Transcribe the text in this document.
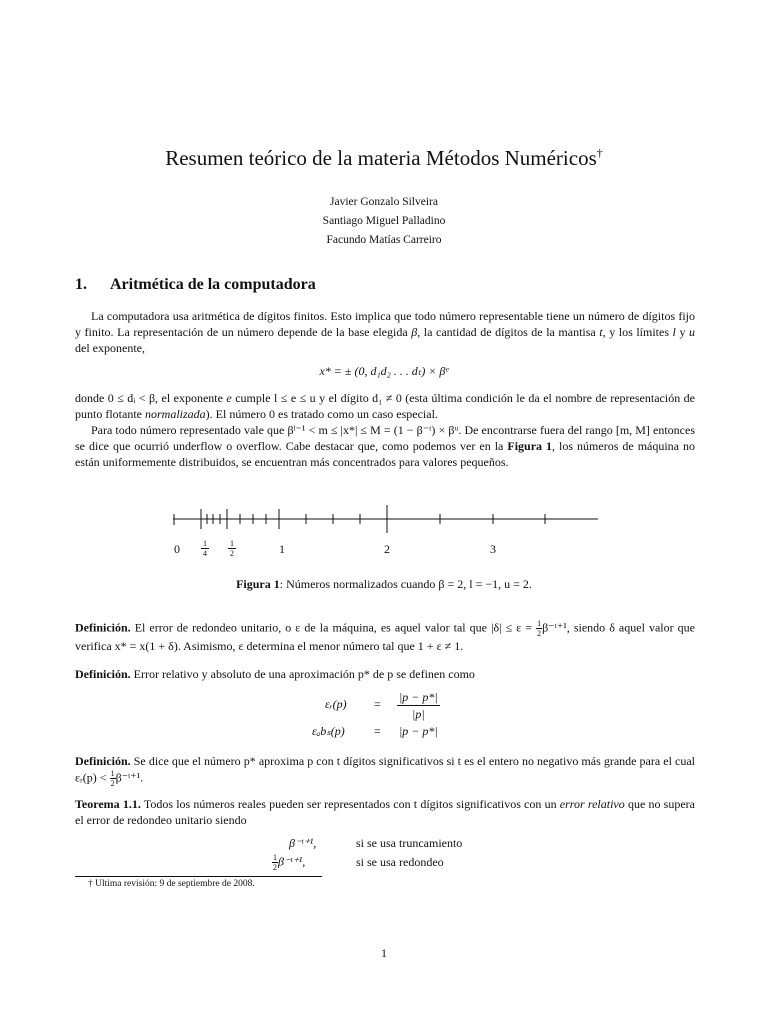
Resumen teórico de la materia Métodos Numéricos†
Javier Gonzalo Silveira
Santiago Miguel Palladino
Facundo Matías Carreiro
1. Aritmética de la computadora
La computadora usa aritmética de dígitos finitos. Esto implica que todo número representable tiene un número de dígitos fijo y finito. La representación de un número depende de la base elegida β, la cantidad de dígitos de la mantisa t, y los límites l y u del exponente,
x* = ± (0, d₁d₂ . . . dₜ) × βᵉ
donde 0 ≤ dᵢ < β, el exponente e cumple l ≤ e ≤ u y el dígito d₁ ≠ 0 (esta última condición le da el nombre de representación de punto flotante normalizada). El número 0 es tratado como un caso especial.
Para todo número representado vale que βˡ⁻¹ < m ≤ |x*| ≤ M = (1 − β⁻ᵗ) × βᵘ. De encontrarse fuera del rango [m, M] entonces se dice que ocurrió underflow o overflow. Cabe destacar que, como podemos ver en la Figura 1, los números de máquina no están uniformemente distribuidos, se encuentran más concentrados para valores pequeños.
0	$\frac{1}{4} \frac{1}{2}$	1	2	3
Figura 1: Números normalizados cuando β = 2, l = −1, u = 2.
Definición. El error de redondeo unitario, o ε de la máquina, es aquel valor tal que $|\delta| \le \varepsilon = \frac{1}{2}$ β⁻ᵗ⁺¹, siendo δ aquel valor que verifica x* = x(1 + δ). Asimismo, ε determina el menor número tal que 1 + ε ≠ 1.
Definición. Error relativo y absoluto de una aproximación p* de p se definen como
εᵣ(p) = $\frac{|p - p*|}{|p|}$
εₐbₛ(p) = |p − p*|
Definición. Se dice que el número p* aproxima p con t dígitos significativos si t es el entero no negativo más grande para el cual εᵣ(p) < $\frac{1}{2}$ β⁻ᵗ⁺¹.
Teorema 1.1. Todos los números reales pueden ser representados con t dígitos significativos con un error relativo que no supera el error de redondeo unitario siendo
β⁻ᵗ⁺¹,	si se usa truncamiento
$\frac{1}{2}$ β⁻ᵗ⁺¹,	si se usa redondeo
† Ultima revisión: 9 de septiembre de 2008.
1
